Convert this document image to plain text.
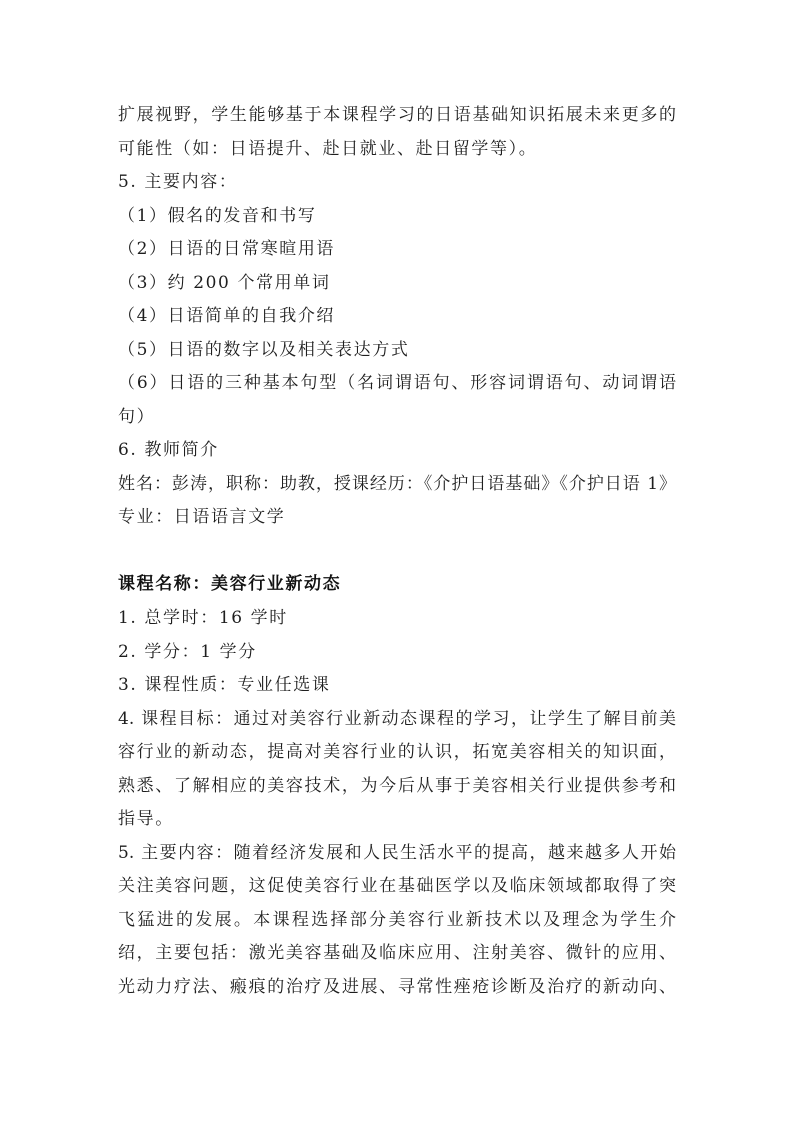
扩展视野，学生能够基于本课程学习的日语基础知识拓展未来更多的
可能性（如：日语提升、赴日就业、赴日留学等）。
5. 主要内容：
（1）假名的发音和书写
（2）日语的日常寒暄用语
（3）约 200 个常用单词
（4）日语简单的自我介绍
（5）日语的数字以及相关表达方式
（6）日语的三种基本句型（名词谓语句、形容词谓语句、动词谓语
句）
6. 教师简介
姓名：彭涛，职称：助教，授课经历：《介护日语基础》《介护日语 1》
专业：日语语言文学
课程名称：美容行业新动态
1. 总学时：16 学时
2. 学分：1 学分
3. 课程性质：专业任选课
4. 课程目标：通过对美容行业新动态课程的学习，让学生了解目前美
容行业的新动态，提高对美容行业的认识，拓宽美容相关的知识面，
熟悉、了解相应的美容技术，为今后从事于美容相关行业提供参考和
指导。
5. 主要内容：随着经济发展和人民生活水平的提高，越来越多人开始
关注美容问题，这促使美容行业在基础医学以及临床领域都取得了突
飞猛进的发展。本课程选择部分美容行业新技术以及理念为学生介
绍，主要包括：激光美容基础及临床应用、注射美容、微针的应用、
光动力疗法、瘢痕的治疗及进展、寻常性痤疮诊断及治疗的新动向、
